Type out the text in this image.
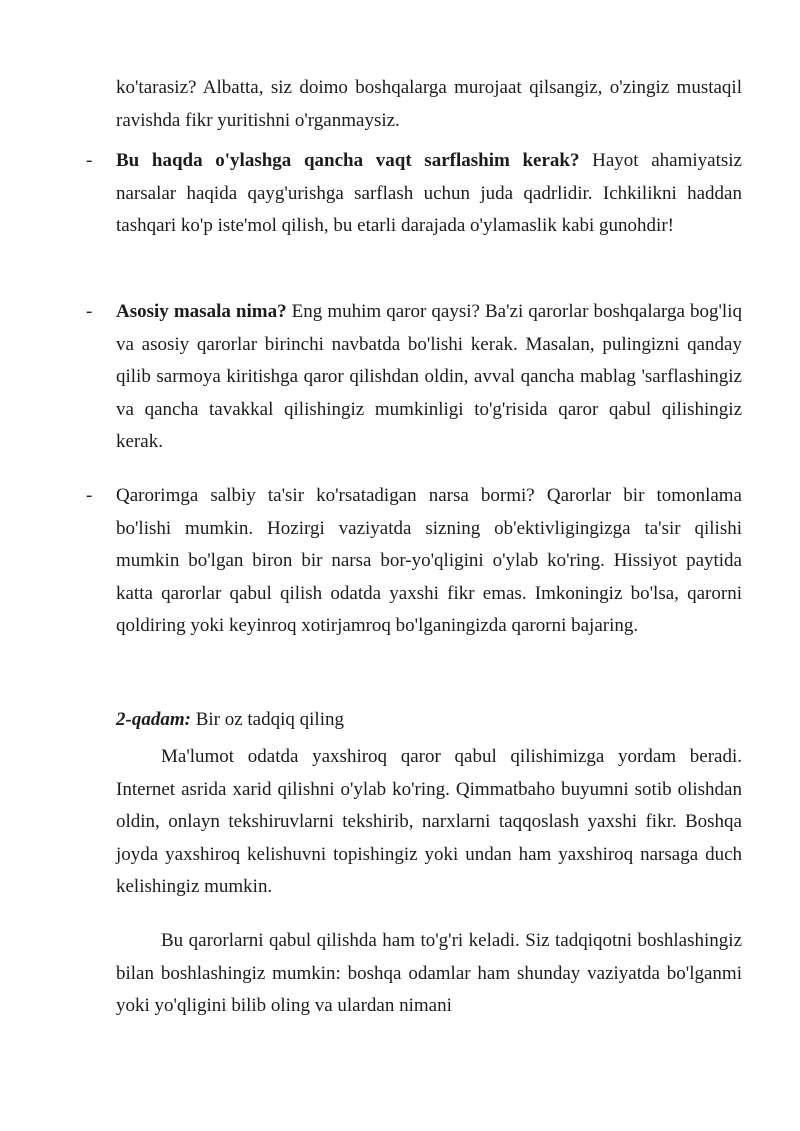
ko'tarasiz? Albatta, siz doimo boshqalarga murojaat qilsangiz, o'zingiz mustaqil ravishda fikr yuritishni o'rganmaysiz.

- Bu haqda o'ylashga qancha vaqt sarflashim kerak? Hayot ahamiyatsiz narsalar haqida qayg'urishga sarflash uchun juda qadrlidir. Ichkilikni haddan tashqari ko'p iste'mol qilish, bu etarli darajada o'ylamaslik kabi gunohdir!

- Asosiy masala nima? Eng muhim qaror qaysi? Ba'zi qarorlar boshqalarga bog'liq va asosiy qarorlar birinchi navbatda bo'lishi kerak. Masalan, pulingizni qanday qilib sarmoya kiritishga qaror qilishdan oldin, avval qancha mablag 'sarflashingiz va qancha tavakkal qilishingiz mumkinligi to'g'risida qaror qabul qilishingiz kerak.

- Qarorimga salbiy ta'sir ko'rsatadigan narsa bormi? Qarorlar bir tomonlama bo'lishi mumkin. Hozirgi vaziyatda sizning ob'ektivligingizga ta'sir qilishi mumkin bo'lgan biron bir narsa bor-yo'qligini o'ylab ko'ring. Hissiyot paytida katta qarorlar qabul qilish odatda yaxshi fikr emas. Imkoningiz bo'lsa, qarorni qoldiring yoki keyinroq xotirjamroq bo'lganingizda qarorni bajaring.

2-qadam: Bir oz tadqiq qiling

Ma'lumot odatda yaxshiroq qaror qabul qilishimizga yordam beradi. Internet asrida xarid qilishni o'ylab ko'ring. Qimmatbaho buyumni sotib olishdan oldin, onlayn tekshiruvlarni tekshirib, narxlarni taqqoslash yaxshi fikr. Boshqa joyda yaxshiroq kelishuvni topishingiz yoki undan ham yaxshiroq narsaga duch kelishingiz mumkin.

Bu qarorlarni qabul qilishda ham to'g'ri keladi. Siz tadqiqotni boshlashingiz bilan boshlashingiz mumkin: boshqa odamlar ham shunday vaziyatda bo'lganmi yoki yo'qligini bilib oling va ulardan nimani
